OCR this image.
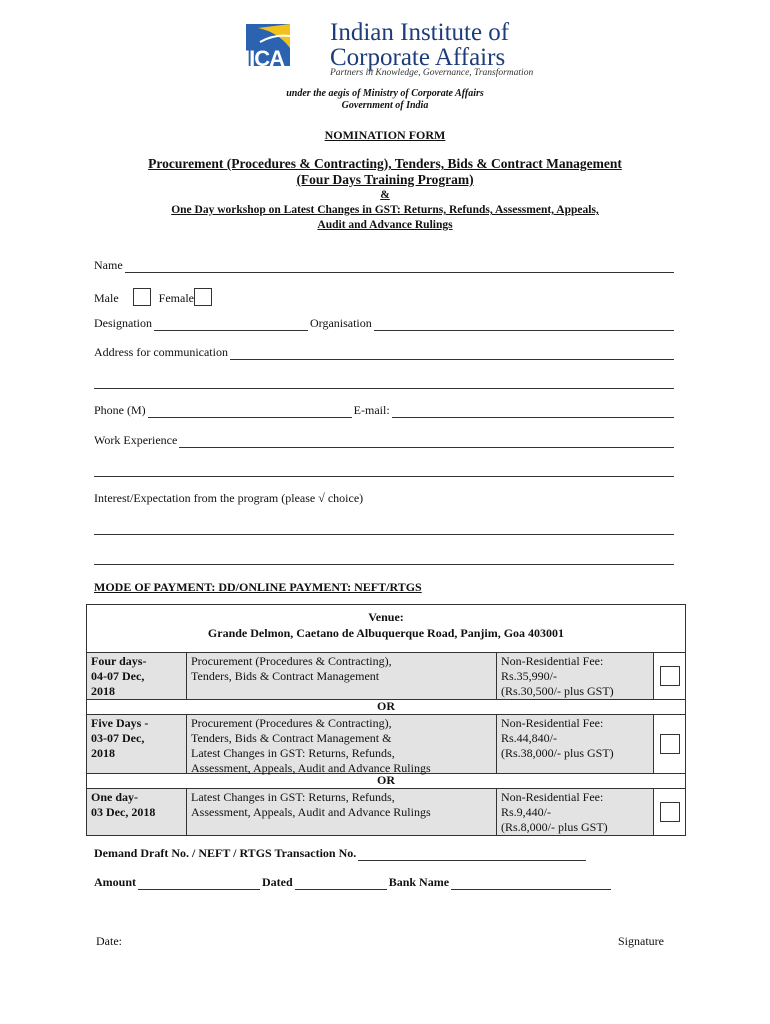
IICA
Indian Institute of
Corporate Affairs
Partners in Knowledge, Governance, Transformation
under the aegis of Ministry of Corporate Affairs
Government of India
NOMINATION FORM
Procurement (Procedures & Contracting), Tenders, Bids & Contract Management
(Four Days Training Program)
&
One Day workshop on Latest Changes in GST: Returns, Refunds, Assessment, Appeals,
Audit and Advance Rulings
Name
Male	Female
Designation	Organisation
Address for communication
Phone (M)	E-mail:
Work Experience
Interest/Expectation from the program (please √ choice)
MODE OF PAYMENT: DD/ONLINE PAYMENT: NEFT/RTGS
Venue:
Grande Delmon, Caetano de Albuquerque Road, Panjim, Goa 403001
Four days-
04-07 Dec,
2018
Procurement (Procedures & Contracting),
Tenders, Bids & Contract Management
Non-Residential Fee:
Rs.35,990/-
(Rs.30,500/- plus GST)
OR
Five Days -
03-07 Dec,
2018
Procurement (Procedures & Contracting),
Tenders, Bids & Contract Management &
Latest Changes in GST: Returns, Refunds,
Assessment, Appeals, Audit and Advance Rulings
Non-Residential Fee:
Rs.44,840/-
(Rs.38,000/- plus GST)
OR
One day-
03 Dec, 2018
Latest Changes in GST: Returns, Refunds,
Assessment, Appeals, Audit and Advance Rulings
Non-Residential Fee:
Rs.9,440/-
(Rs.8,000/- plus GST)
Demand Draft No. / NEFT / RTGS Transaction No.
Amount	Dated	Bank Name
Date:	Signature
